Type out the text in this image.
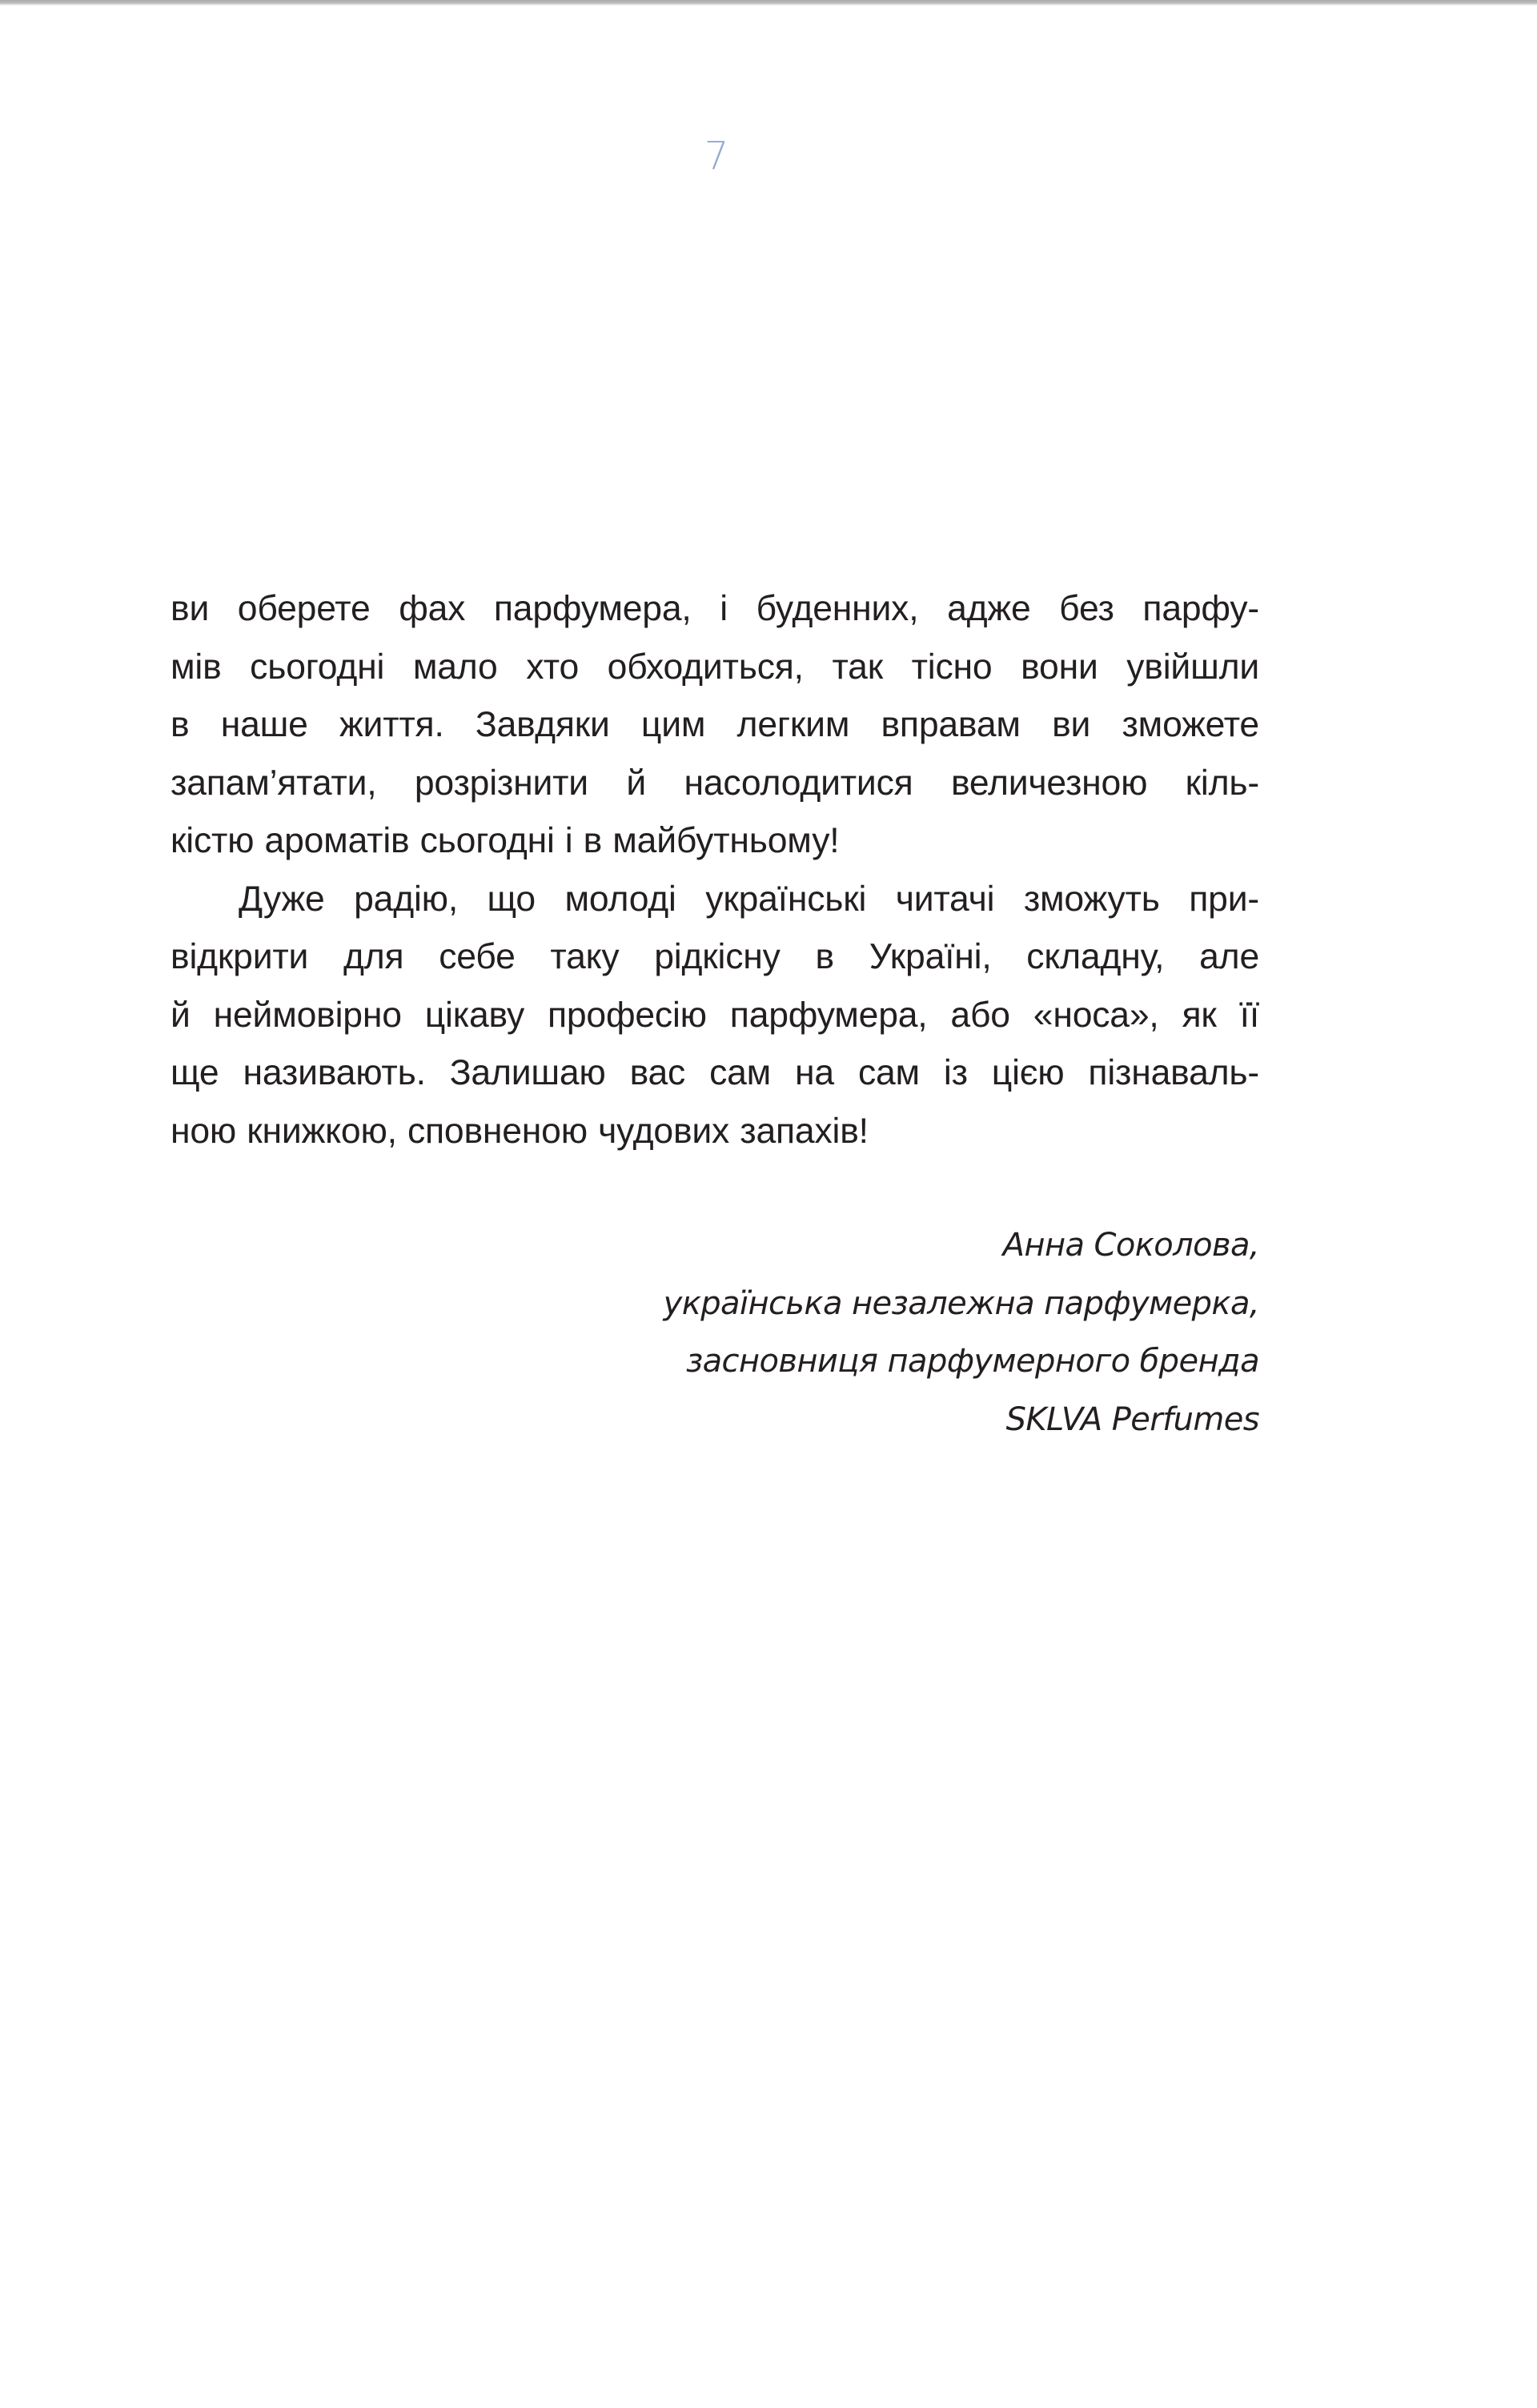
7

ви оберете фах парфумера, і буденних, адже без парфу-
мів сьогодні мало хто обходиться, так тісно вони увійшли
в наше життя. Завдяки цим легким вправам ви зможете
запам’ятати, розрізнити й насолодитися величезною кіль-
кістю ароматів сьогодні і в майбутньому!

Дуже радію, що молоді українські читачі зможуть при-
відкрити для себе таку рідкісну в Україні, складну, але
й неймовірно цікаву професію парфумера, або «носа», як її
ще називають. Залишаю вас сам на сам із цією пізнаваль-
ною книжкою, сповненою чудових запахів!

Анна Соколова,
українська незалежна парфумерка,
засновниця парфумерного бренда
SKLVA Perfumes
